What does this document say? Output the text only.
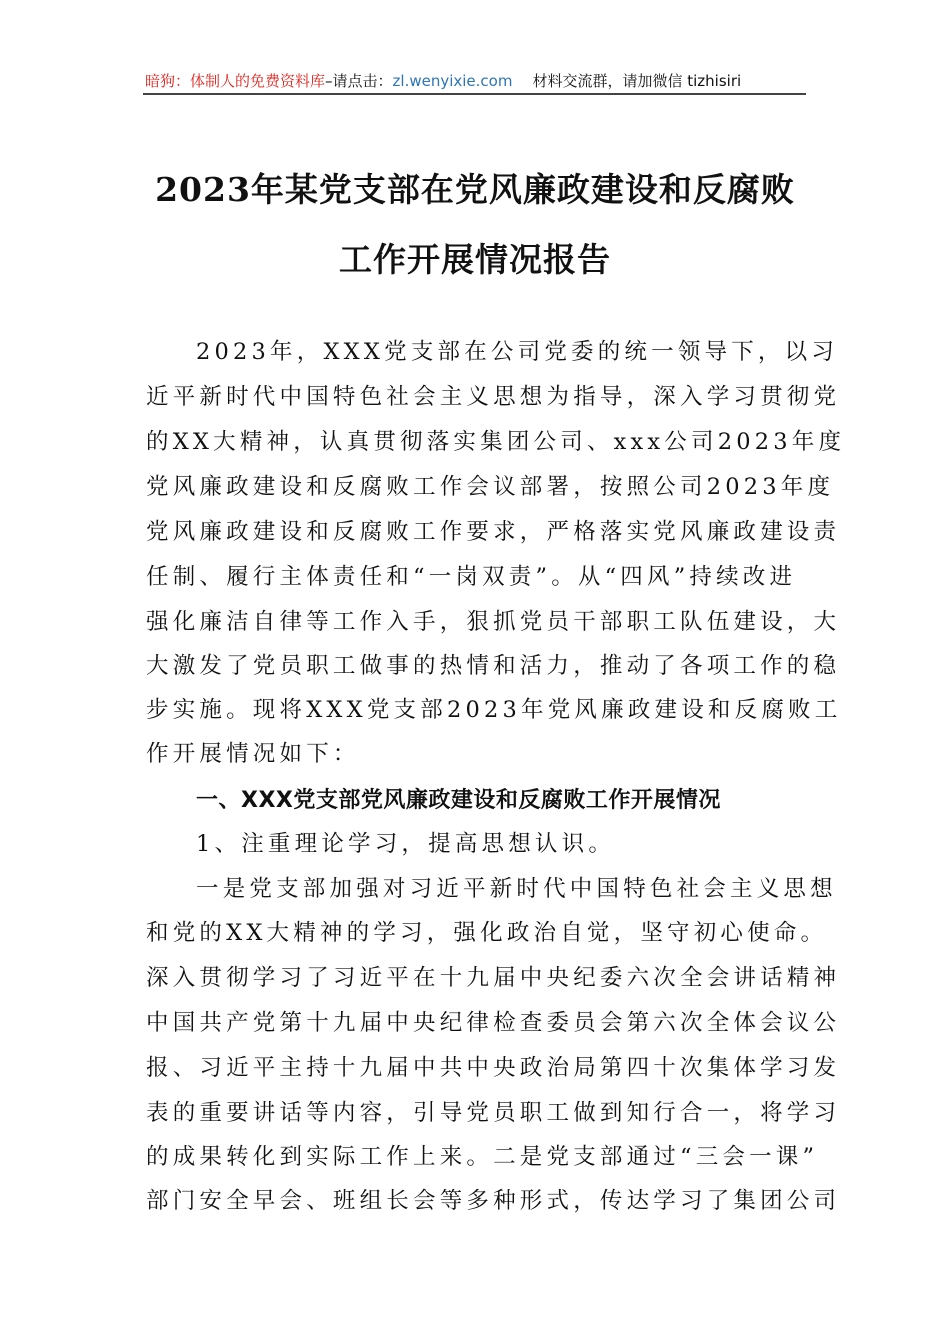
暗狗：体制人的免费资料库–请点击：zl.wenyixie.com 材料交流群，请加微信 tizhisiri
2023年某党支部在党风廉政建设和反腐败
工作开展情况报告
2023年，XXX党支部在公司党委的统一领导下，以习
近平新时代中国特色社会主义思想为指导，深入学习贯彻党
的XX大精神，认真贯彻落实集团公司、xxx公司2023年度
党风廉政建设和反腐败工作会议部署，按照公司2023年度
党风廉政建设和反腐败工作要求，严格落实党风廉政建设责
任制、履行主体责任和“一岗双责”。从“四风”持续改进
强化廉洁自律等工作入手，狠抓党员干部职工队伍建设，大
大激发了党员职工做事的热情和活力，推动了各项工作的稳
步实施。现将XXX党支部2023年党风廉政建设和反腐败工
作开展情况如下：
一、XXX党支部党风廉政建设和反腐败工作开展情况
1、注重理论学习，提高思想认识。
一是党支部加强对习近平新时代中国特色社会主义思想
和党的XX大精神的学习，强化政治自觉，坚守初心使命。
深入贯彻学习了习近平在十九届中央纪委六次全会讲话精神
中国共产党第十九届中央纪律检查委员会第六次全体会议公
报、习近平主持十九届中共中央政治局第四十次集体学习发
表的重要讲话等内容，引导党员职工做到知行合一，将学习
的成果转化到实际工作上来。二是党支部通过“三会一课”
部门安全早会、班组长会等多种形式，传达学习了集团公司
